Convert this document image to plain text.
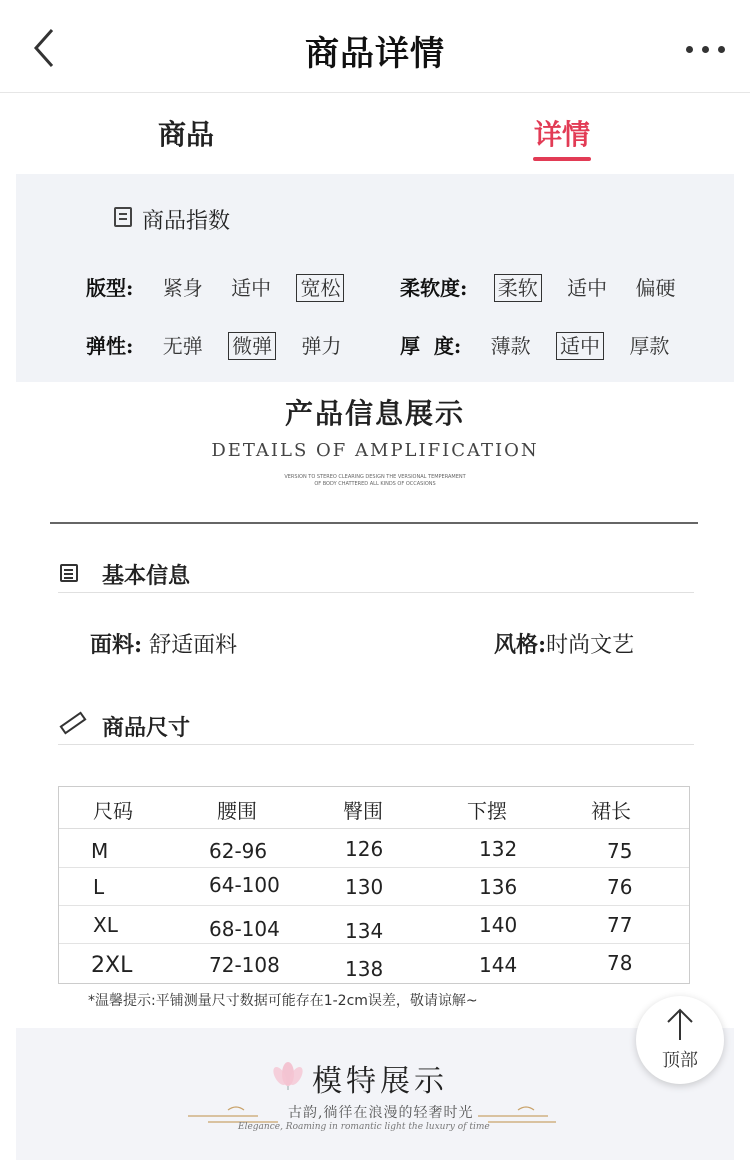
商品详情
商品	详情
商品指数
版型: 紧身 适中 宽松	柔软度: 柔软 适中 偏硬
弹性: 无弹 微弹 弹力	厚  度: 薄款 适中 厚款
产品信息展示
DETAILS OF AMPLIFICATION
VERSION TO STEREO CLEARING DESIGN THE VERSIONAL TEMPERAMENT
OF BODY CHATTERED ALL KINDS OF OCCASIONS
基本信息
面料: 舒适面料	风格:时尚文艺
商品尺寸
尺码	腰围	臀围	下摆	裙长
M	62-96	126	132	75
L	64-100	130	136	76
XL	68-104	134	140	77
2XL	72-108	138	144	78
*温馨提示:平铺测量尺寸数据可能存在1-2cm误差，敬请谅解~
模特展示
古韵,徜徉在浪漫的轻奢时光
Elegance, Roaming in romantic light the luxury of time
顶部
